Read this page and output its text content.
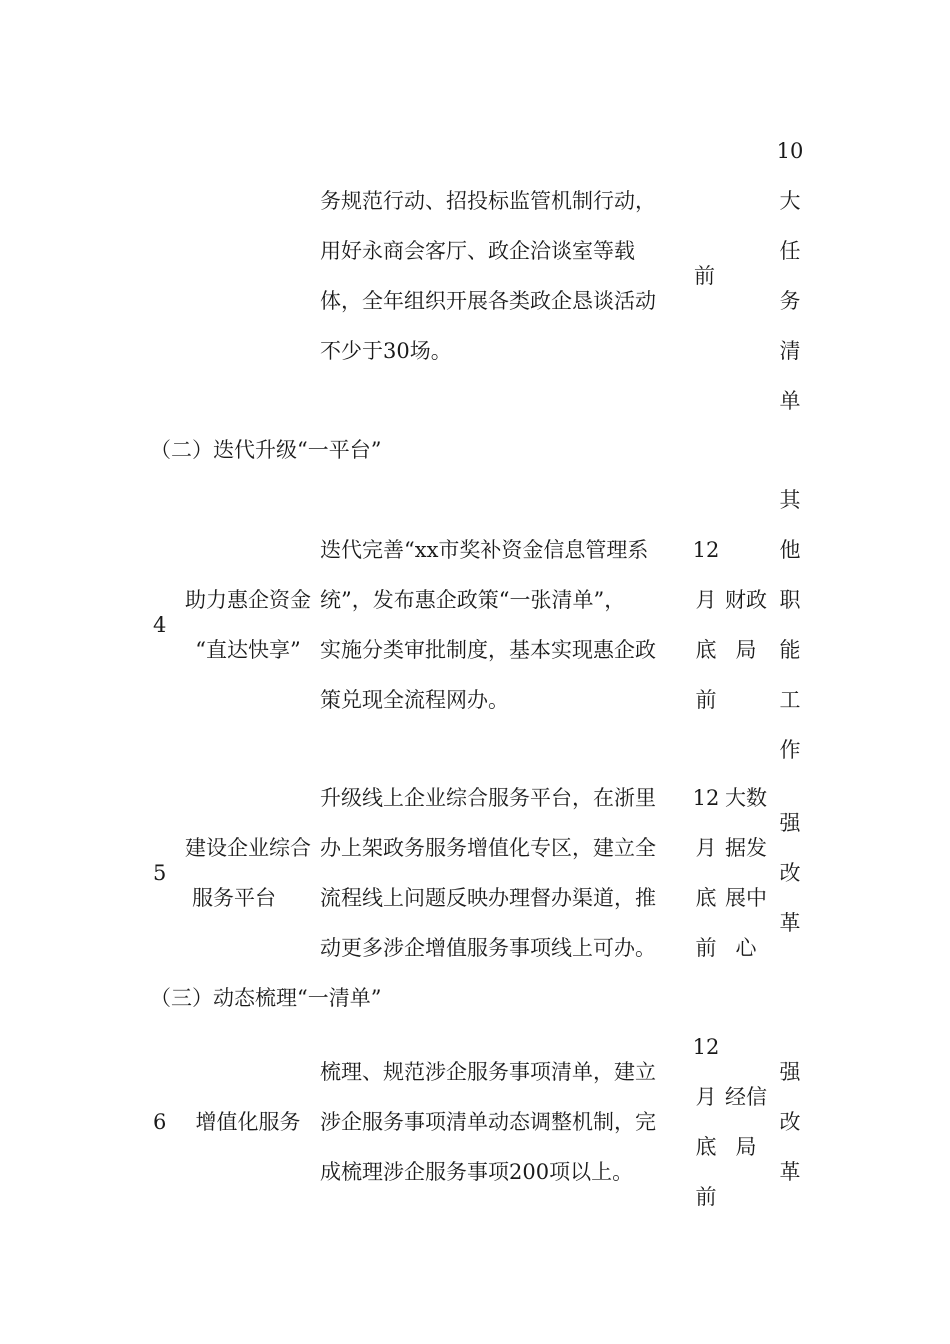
务规范行动、招投标监管机制行动，
用好永商会客厅、政企洽谈室等载
体，全年组织开展各类政企恳谈活动
不少于30场。
前
10
大
任
务
清
单
（二）迭代升级“一平台”
4
助力惠企资金
“直达快享”
迭代完善“xx市奖补资金信息管理系
统”，发布惠企政策“一张清单”，
实施分类审批制度，基本实现惠企政
策兑现全流程网办。
12
月
底
前
财政
局
其
他
职
能
工
作
5
建设企业综合
服务平台
升级线上企业综合服务平台，在浙里
办上架政务服务增值化专区，建立全
流程线上问题反映办理督办渠道，推
动更多涉企增值服务事项线上可办。
12
月
底
前
大数
据发
展中
心
强
改
革
（三）动态梳理“一清单”
6	增值化服务
梳理、规范涉企服务事项清单，建立
涉企服务事项清单动态调整机制，完
成梳理涉企服务事项200项以上。
12
月
底
前
经信
局
强
改
革
